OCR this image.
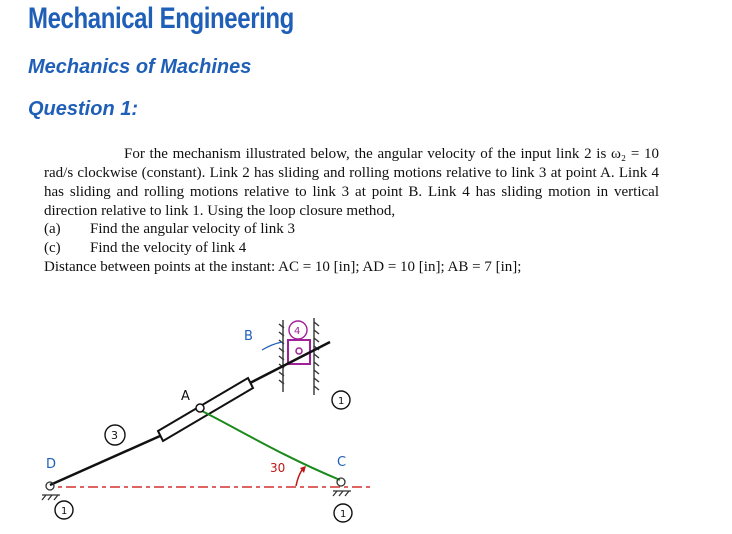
Mechanical Engineering
Mechanics of Machines
Question 1:
For the mechanism illustrated below, the angular velocity of the input link 2 is ω₂ = 10 rad/s clockwise (constant). Link 2 has sliding and rolling motions relative to link 3 at point A. Link 4 has sliding and rolling motions relative to link 3 at point B. Link 4 has sliding motion in vertical direction relative to link 1. Using the loop closure method,
(a) Find the angular velocity of link 3
(c) Find the velocity of link 4
Distance between points at the instant: AC = 10 [in]; AD = 10 [in]; AB = 7 [in];
B
A
C
D	30
3
4
1
1	1
